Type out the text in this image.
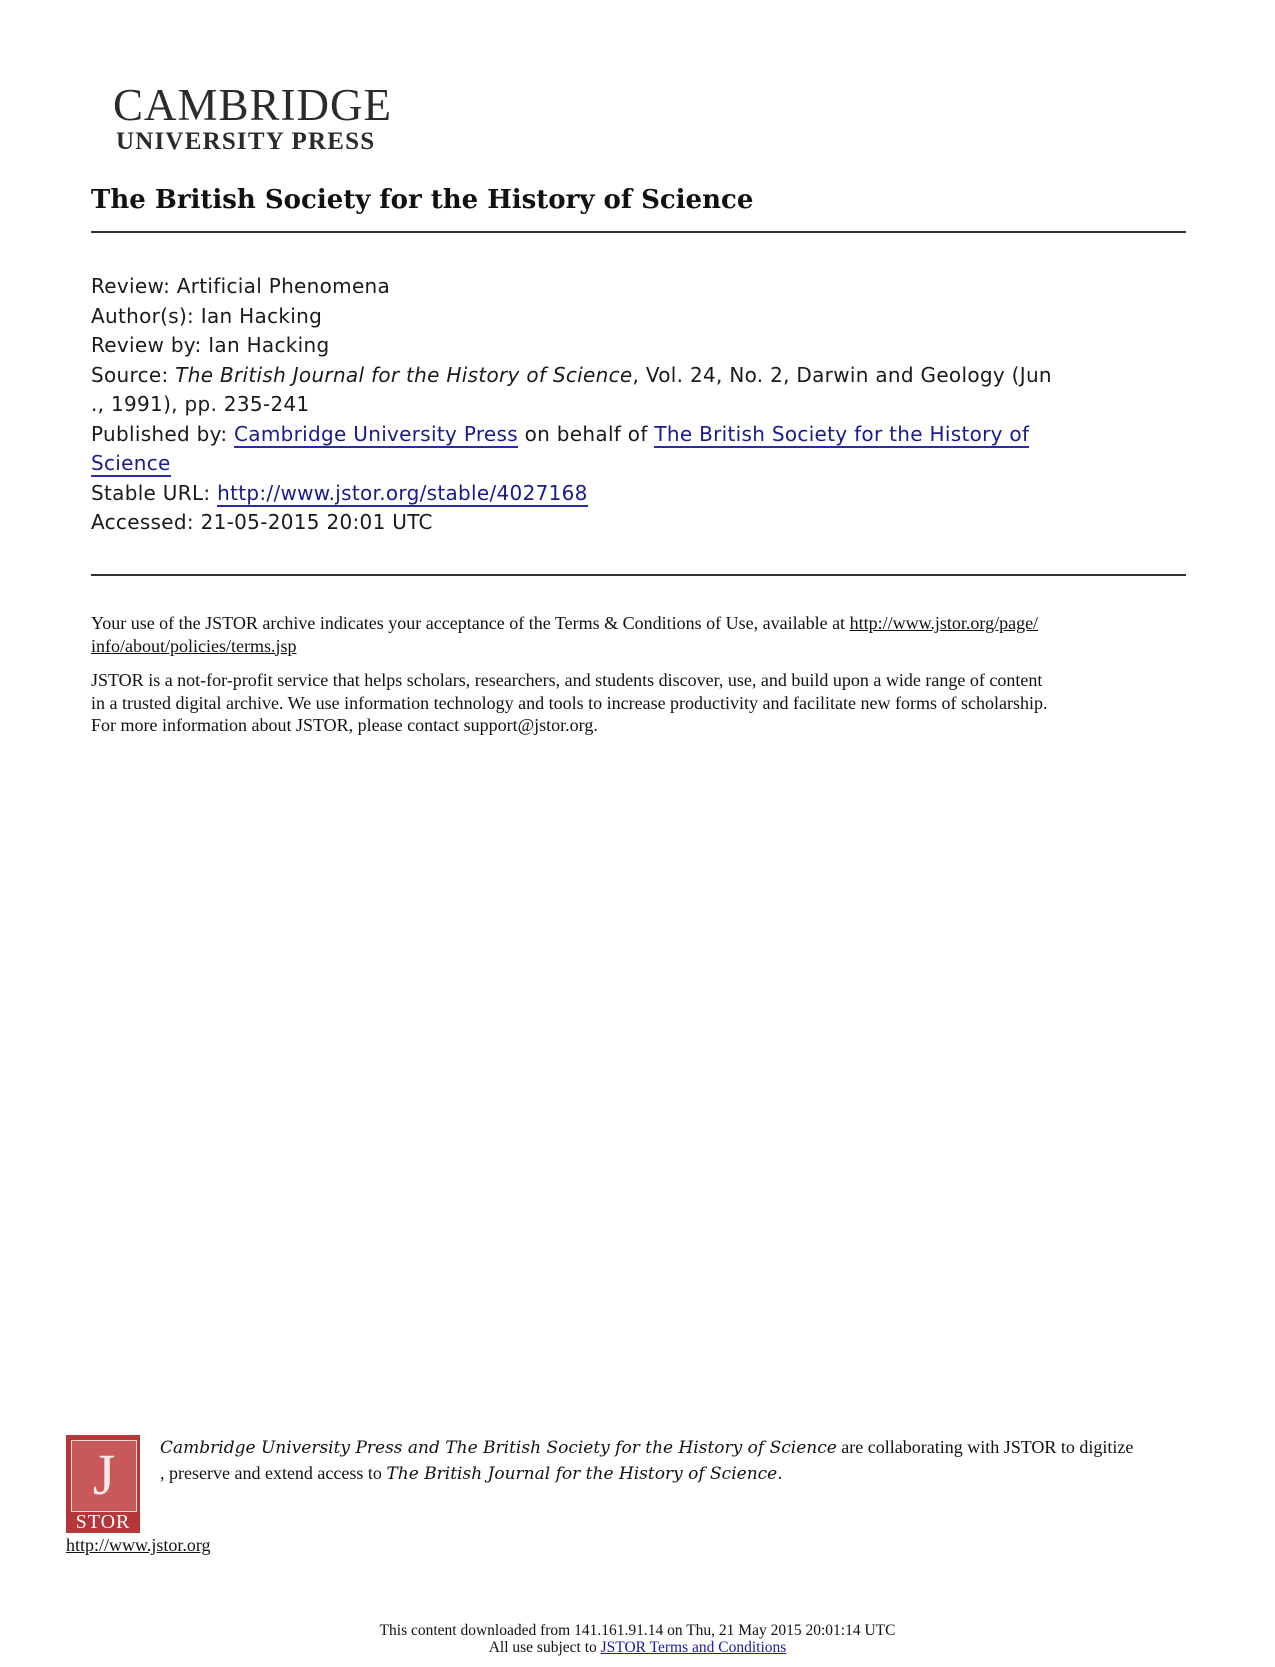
CAMBRIDGE
UNIVERSITY PRESS
The British Society for the History of Science
Review: Artificial Phenomena
Author(s): Ian Hacking
Review by: Ian Hacking
Source: The British Journal for the History of Science, Vol. 24, No. 2, Darwin and Geology (Jun
., 1991), pp. 235-241
Published by: Cambridge University Press on behalf of The British Society for the History of
Science
Stable URL: http://www.jstor.org/stable/4027168
Accessed: 21-05-2015 20:01 UTC

Your use of the JSTOR archive indicates your acceptance of the Terms & Conditions of Use, available at http://www.jstor.org/page/
info/about/policies/terms.jsp

JSTOR is a not-for-profit service that helps scholars, researchers, and students discover, use, and build upon a wide range of content
in a trusted digital archive. We use information technology and tools to increase productivity and facilitate new forms of scholarship.
For more information about JSTOR, please contact support@jstor.org.

J
STOR
Cambridge University Press and The British Society for the History of Science are collaborating with JSTOR to digitize
, preserve and extend access to The British Journal for the History of Science.
http://www.jstor.org
This content downloaded from 141.161.91.14 on Thu, 21 May 2015 20:01:14 UTC
All use subject to JSTOR Terms and Conditions
